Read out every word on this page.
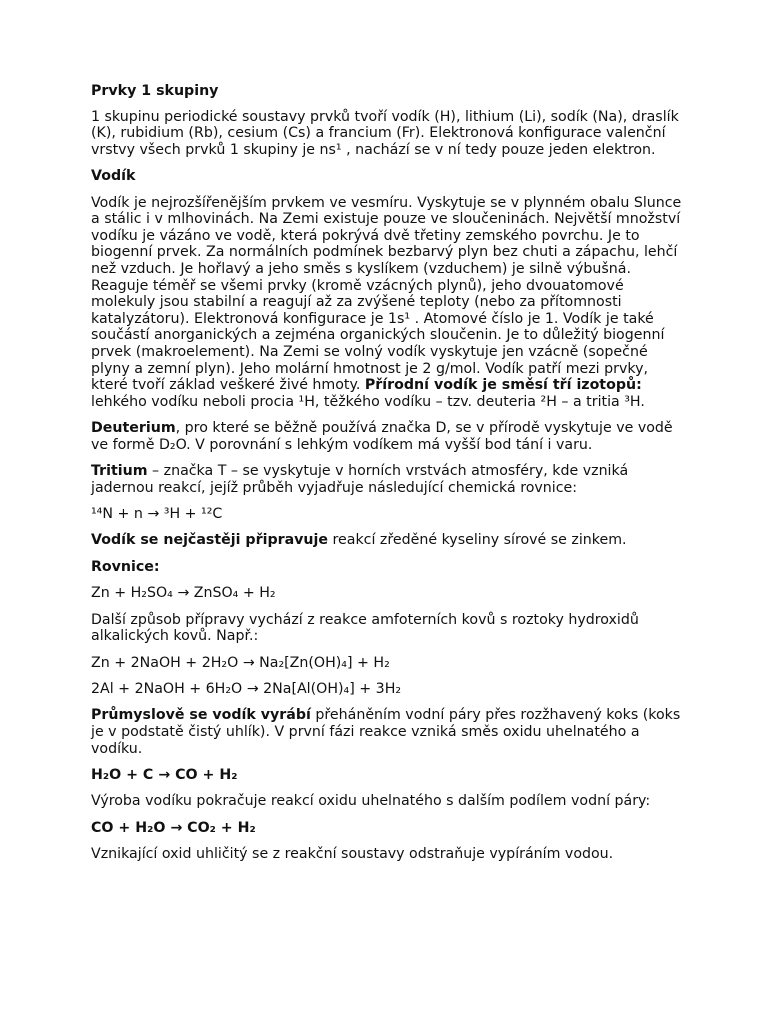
Prvky 1 skupiny
1 skupinu periodické soustavy prvků tvoří vodík (H), lithium (Li), sodík (Na), draslík (K), rubidium (Rb), cesium (Cs) a francium (Fr). Elektronová konfigurace valenční vrstvy všech prvků 1 skupiny je ns¹ , nachází se v ní tedy pouze jeden elektron.
Vodík
Vodík je nejrozšířenějším prvkem ve vesmíru. Vyskytuje se v plynném obalu Slunce a stálic i v mlhovinách. Na Zemi existuje pouze ve sloučeninách. Největší množství vodíku je vázáno ve vodě, která pokrývá dvě třetiny zemského povrchu. Je to biogenní prvek. Za normálních podmínek bezbarvý plyn bez chuti a zápachu, lehčí než vzduch. Je hořlavý a jeho směs s kyslíkem (vzduchem) je silně výbušná. Reaguje téměř se všemi prvky (kromě vzácných plynů), jeho dvouatomové molekuly jsou stabilní a reagují až za zvýšené teploty (nebo za přítomnosti katalyzátoru). Elektronová konfigurace je 1s¹ . Atomové číslo je 1. Vodík je také součástí anorganických a zejména organických sloučenin. Je to důležitý biogenní prvek (makroelement). Na Zemi se volný vodík vyskytuje jen vzácně (sopečné plyny a zemní plyn). Jeho molární hmotnost je 2 g/mol. Vodík patří mezi prvky, které tvoří základ veškeré živé hmoty. Přírodní vodík je směsí tří izotopů: lehkého vodíku neboli procia ¹H, těžkého vodíku – tzv. deuteria ²H – a tritia ³H.
Deuterium, pro které se běžně používá značka D, se v přírodě vyskytuje ve vodě ve formě D₂O. V porovnání s lehkým vodíkem má vyšší bod tání i varu.
Tritium – značka T – se vyskytuje v horních vrstvách atmosféry, kde vzniká jadernou reakcí, jejíž průběh vyjadřuje následující chemická rovnice:
¹⁴N + n → ³H + ¹²C
Vodík se nejčastěji připravuje reakcí zředěné kyseliny sírové se zinkem.
Rovnice:
Zn + H₂SO₄ → ZnSO₄ + H₂
Další způsob přípravy vychází z reakce amfoterních kovů s roztoky hydroxidů alkalických kovů. Např.:
Zn + 2NaOH + 2H₂O → Na₂[Zn(OH)₄] + H₂
2Al + 2NaOH + 6H₂O → 2Na[Al(OH)₄] + 3H₂
Průmyslově se vodík vyrábí přeháněním vodní páry přes rozžhavený koks (koks je v podstatě čistý uhlík). V první fázi reakce vzniká směs oxidu uhelnatého a vodíku.
H₂O + C → CO + H₂
Výroba vodíku pokračuje reakcí oxidu uhelnatého s dalším podílem vodní páry:
CO + H₂O → CO₂ + H₂
Vznikající oxid uhličitý se z reakční soustavy odstraňuje vypíráním vodou.
